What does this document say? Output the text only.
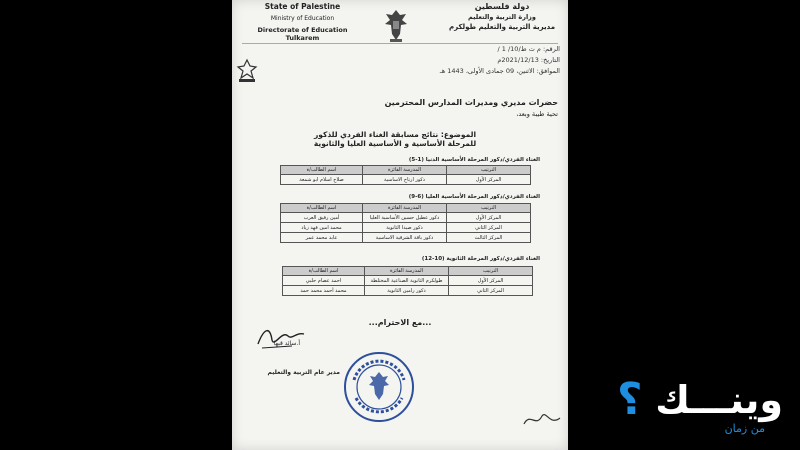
State of Palestine
Ministry of Education
Directorate of Education Tulkarem
دولة فلسطين
وزارة التربية والتعليم
مديرية التربية والتعليم طولكرم
الرقم: م ت ط/10/ 1 /
التاريخ: 2021/12/13م
الموافق: الاثنين، 09 جمادى الأولى، 1443 هـ
حضرات مديري ومديرات المدارس المحترمين
تحية طيبة وبعد،
الموضوع: نتائج مسابقة الغناء الفردي للذكور
للمرحلة الأساسية و الأساسية العليا والثانوية
الغناء الفردي/ذكور المرحلة الأساسية الدنيا (1-5)
الترتيب	المدرسة الفائزة	اسم الطالب/ة
المركز الأول	ذكور ارتاح الاساسية	صلاح اسلام ابو شمعة
الغناء الفردي/ذكور المرحلة الأساسية العليا (6-9)
الترتيب	المدرسة الفائزة	اسم الطالب/ة
المركز الأول	ذكور عطيل حسين الأساسية العليا	أمين رفيق العرب
المركز الثاني	ذكور صيدا الثانوية	محمد امين فهد زياد
المركز الثالث	ذكور باقة الشرقية الاساسية	عابد محمد عمر
الغناء الفردي/ذكور المرحلة الثانوية (10-12)
الترتيب	المدرسة الفائزة	اسم الطالب/ة
المركز الأول	طولكرم الثانوية الصناعية المختلطة	احمد عصام حلبي
المركز الثاني	ذكور رامين الثانوية	محمد أحمد محمد حمد
...مع الاحترام...
أ.سائد قبها
مدير عام التربية والتعليم
؟ وينـــك
من زمان
